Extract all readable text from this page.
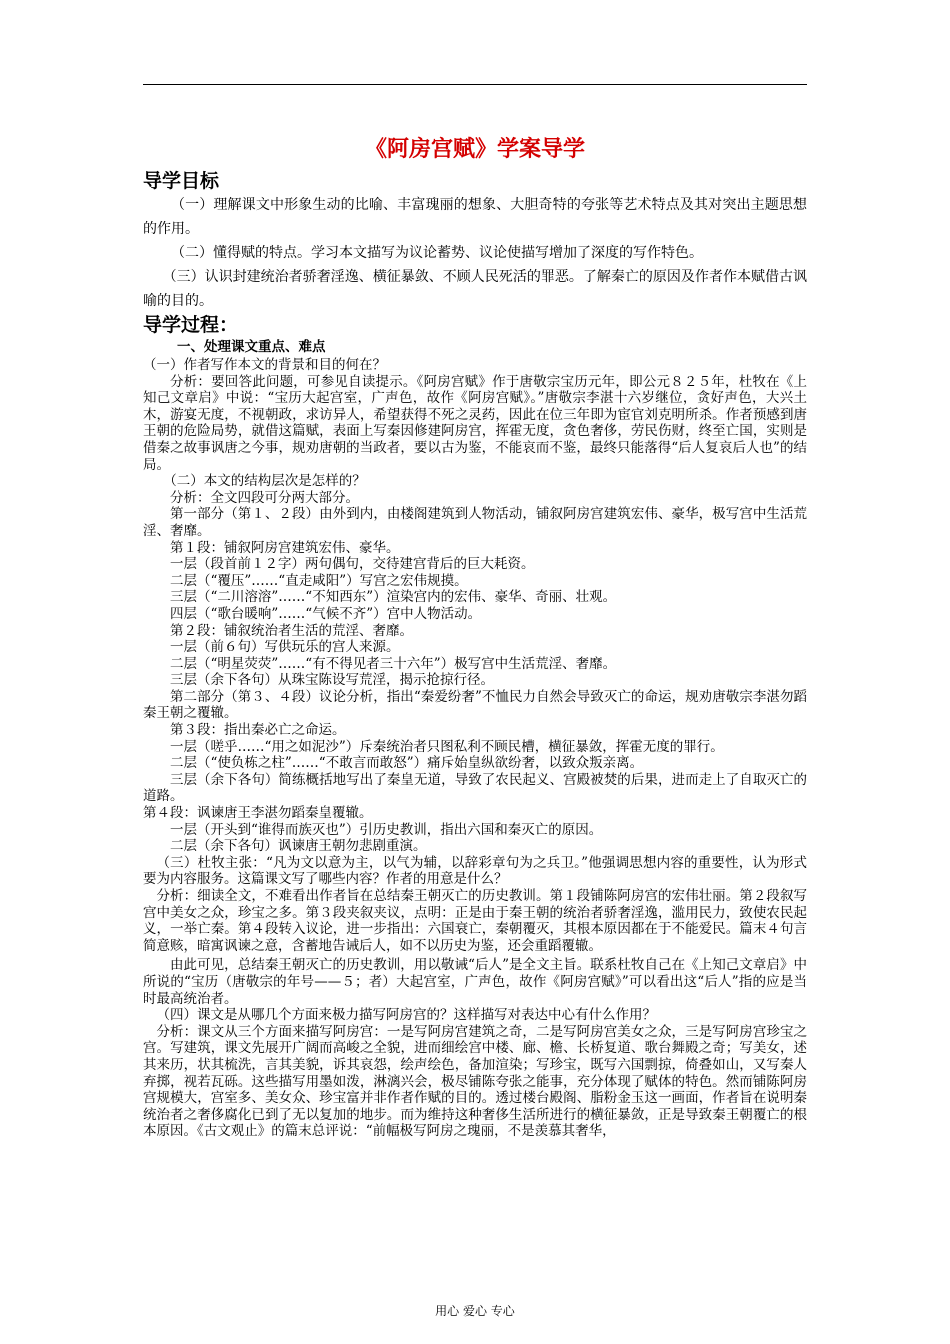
《阿房宫赋》学案导学
导学目标

（一）理解课文中形象生动的比喻、丰富瑰丽的想象、大胆奇特的夸张等艺术特点及其对突出主题思想的作用。

（二）懂得赋的特点。学习本文描写为议论蓄势、议论使描写增加了深度的写作特色。

（三）认识封建统治者骄奢淫逸、横征暴敛、不顾人民死活的罪恶。了解秦亡的原因及作者作本赋借古讽喻的目的。

导学过程：
一、处理课文重点、难点

（一）作者写作本文的背景和目的何在？

分析：要回答此问题，可参见自读提示。《阿房宫赋》作于唐敬宗宝历元年，即公元８２５年，杜牧在《上知己文章启》中说：“宝历大起宫室，广声色，故作《阿房宫赋》。”唐敬宗李湛十六岁继位，贪好声色，大兴土木，游宴无度，不视朝政，求访异人，希望获得不死之灵药，因此在位三年即为宦官刘克明所杀。作者预感到唐王朝的危险局势，就借这篇赋，表面上写秦因修建阿房宫，挥霍无度，贪色奢侈，劳民伤财，终至亡国，实则是借秦之故事讽唐之今事，规劝唐朝的当政者，要以古为鉴，不能哀而不鉴，最终只能落得“后人复哀后人也”的结局。

（二）本文的结构层次是怎样的？

分析：全文四段可分两大部分。

第一部分（第１、２段）由外到内，由楼阁建筑到人物活动，铺叙阿房宫建筑宏伟、豪华，极写宫中生活荒淫、奢靡。

第１段：铺叙阿房宫建筑宏伟、豪华。

一层（段首前１２字）两句偶句，交待建宫背后的巨大耗资。

二层（“覆压”……“直走咸阳”）写宫之宏伟规摸。

三层（“二川溶溶”……“不知西东”）渲染宫内的宏伟、豪华、奇丽、壮观。

四层（“歌台暖响”……“气候不齐”）宫中人物活动。

第２段：铺叙统治者生活的荒淫、奢靡。

一层（前６句）写供玩乐的宫人来源。

二层（“明星荧荧”……“有不得见者三十六年”）极写宫中生活荒淫、奢靡。

三层（余下各句）从珠宝陈设写荒淫，揭示抢掠行径。

第二部分（第３、４段）议论分析，指出“秦爱纷奢”不恤民力自然会导致灭亡的命运，规劝唐敬宗李湛勿蹈秦王朝之覆辙。

第３段：指出秦必亡之命运。

一层（嗟乎……“用之如泥沙”）斥秦统治者只图私利不顾民槽，横征暴敛，挥霍无度的罪行。

二层（“使负栋之柱”……“不敢言而敢怒”）痛斥始皇纵欲纷奢，以致众叛亲离。

三层（余下各句）简练概括地写出了秦皇无道，导致了农民起义、宫殿被焚的后果，进而走上了自取灭亡的道路。

第４段：讽谏唐王李湛勿蹈秦皇覆辙。

一层（开头到“谁得而族灭也”）引历史教训，指出六国和秦灭亡的原因。

二层（余下各句）讽谏唐王朝勿悲剧重演。

（三）杜牧主张：“凡为文以意为主，以气为辅，以辞彩章句为之兵卫。”他强调思想内容的重要性，认为形式要为内容服务。这篇课文写了哪些内容？作者的用意是什么？

分析：细读全文，不难看出作者旨在总结秦王朝灭亡的历史教训。第１段铺陈阿房宫的宏伟壮丽。第２段叙写宫中美女之众，珍宝之多。第３段夹叙夹议，点明：正是由于秦王朝的统治者骄奢淫逸，滥用民力，致使农民起义，一举亡秦。第４段转入议论，进一步指出：六国衰亡，秦朝覆灭，其根本原因都在于不能爱民。篇末４句言简意赅，暗寓讽谏之意，含蓄地告诫后人，如不以历史为鉴，还会重蹈覆辙。

由此可见，总结秦王朝灭亡的历史教训，用以敬诫“后人”是全文主旨。联系杜牧自己在《上知己文章启》中所说的“宝历（唐敬宗的年号——５；者）大起宫室，广声色，故作《阿房宫赋》”可以看出这“后人”指的应是当时最高统治者。

（四）课文是从哪几个方面来极力描写阿房宫的？这样描写对表达中心有什么作用？

分析：课文从三个方面来描写阿房宫：一是写阿房宫建筑之奇，二是写阿房宫美女之众，三是写阿房宫珍宝之宫。写建筑，课文先展开广阔而高峻之全貌，进而细绘宫中楼、廊、檐、长桥复道、歌台舞殿之奇；写美女，述其来历，状其梳洗，言其美貌，诉其哀怨，绘声绘色，备加渲染；写珍宝，既写六国剽掠，倚叠如山，又写秦人弃掷，视若瓦砾。这些描写用墨如泼，淋漓兴会，极尽铺陈夸张之能事，充分体现了赋体的特色。然而铺陈阿房宫规模大，宫室多、美女众、珍宝富并非作者作赋的目的。透过楼台殿阁、脂粉金玉这一画面，作者旨在说明秦统治者之奢侈腐化已到了无以复加的地步。而为维持这种奢侈生活所进行的横征暴敛，正是导致秦王朝覆亡的根本原因。《古文观止》的篇末总评说：“前幅极写阿房之瑰丽，不是羡慕其奢华，

用心 爱心 专心
